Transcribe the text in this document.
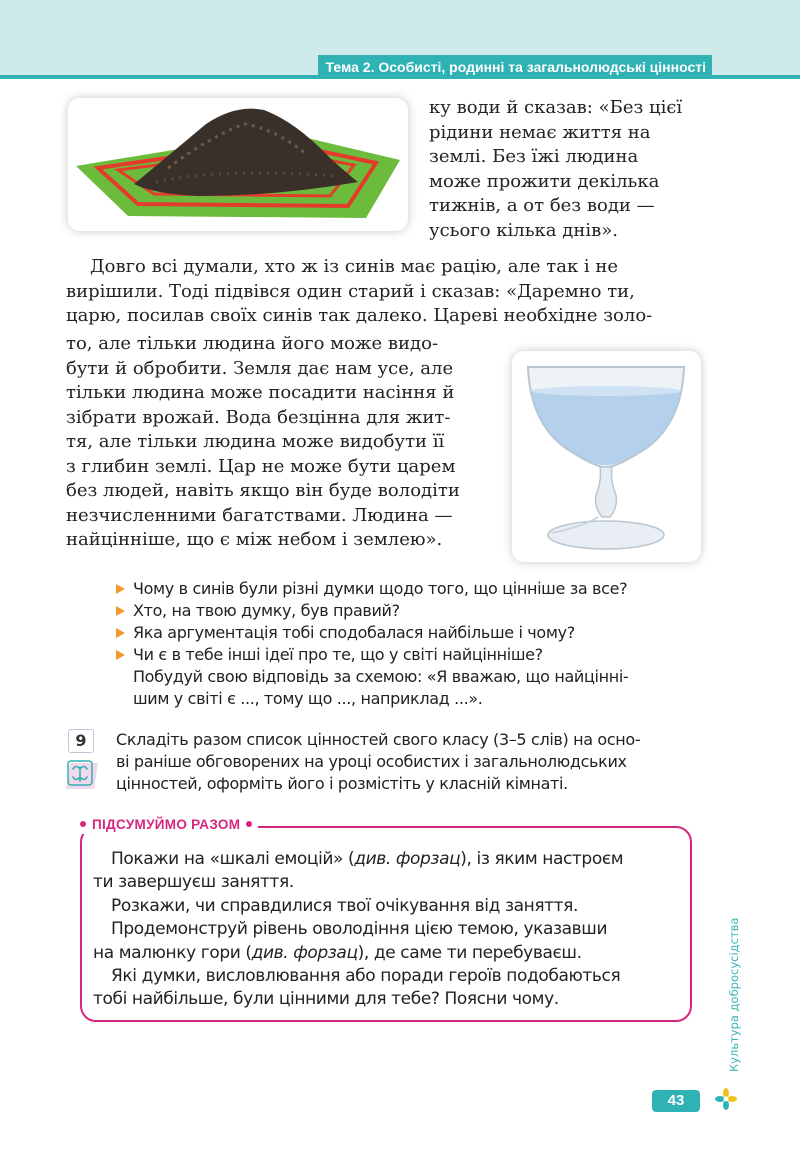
Тема 2. Особисті, родинні та загальнолюдські цінності

ку води й сказав: «Без цієї

рідини немає життя на

землі. Без їжі людина

може прожити декілька

тижнів, а от без води —

усього кілька днів».

Довго всі думали, хто ж із синів має рацію, але так і не

вирішили. Тоді підвівся один старий і сказав: «Даремно ти,

царю, посилав своїх синів так далеко. Цареві необхідне золо-

то, але тільки людина його може видо-

бути й обробити. Земля дає нам усе, але

тільки людина може посадити насіння й

зібрати врожай. Вода безцінна для жит-

тя, але тільки людина може видобути її

з глибин землі. Цар не може бути царем

без людей, навіть якщо він буде володіти

незчисленними багатствами. Людина —

найцінніше, що є між небом і землею».

Чому в синів були різні думки щодо того, що цінніше за все?
Хто, на твою думку, був правий?
Яка аргументація тобі сподобалася найбільше і чому?
Чи є в тебе інші ідеї про те, що у світі найцінніше?
Побудуй свою відповідь за схемою: «Я вважаю, що найцінні-
шим у світі є ..., тому що ..., наприклад ...».
9	Складіть разом список цінностей свого класу (3–5 слів) на осно-
ві раніше обговорених на уроці особистих і загальнолюдських
цінностей, оформіть його і розмістіть у класній кімнаті.
ПІДСУМУЙМО РАЗОМ
Покажи на «шкалі емоцій» (див. форзац), із яким настроєм
ти завершуєш заняття.
Розкажи, чи справдилися твої очікування від заняття.
Продемонструй рівень оволодіння цією темою, указавши
на малюнку гори (див. форзац), де саме ти перебуваєш.
Які думки, висловлювання або поради героїв подобаються
тобі найбільше, були цінними для тебе? Поясни чому.	Культура добросусідства
43
